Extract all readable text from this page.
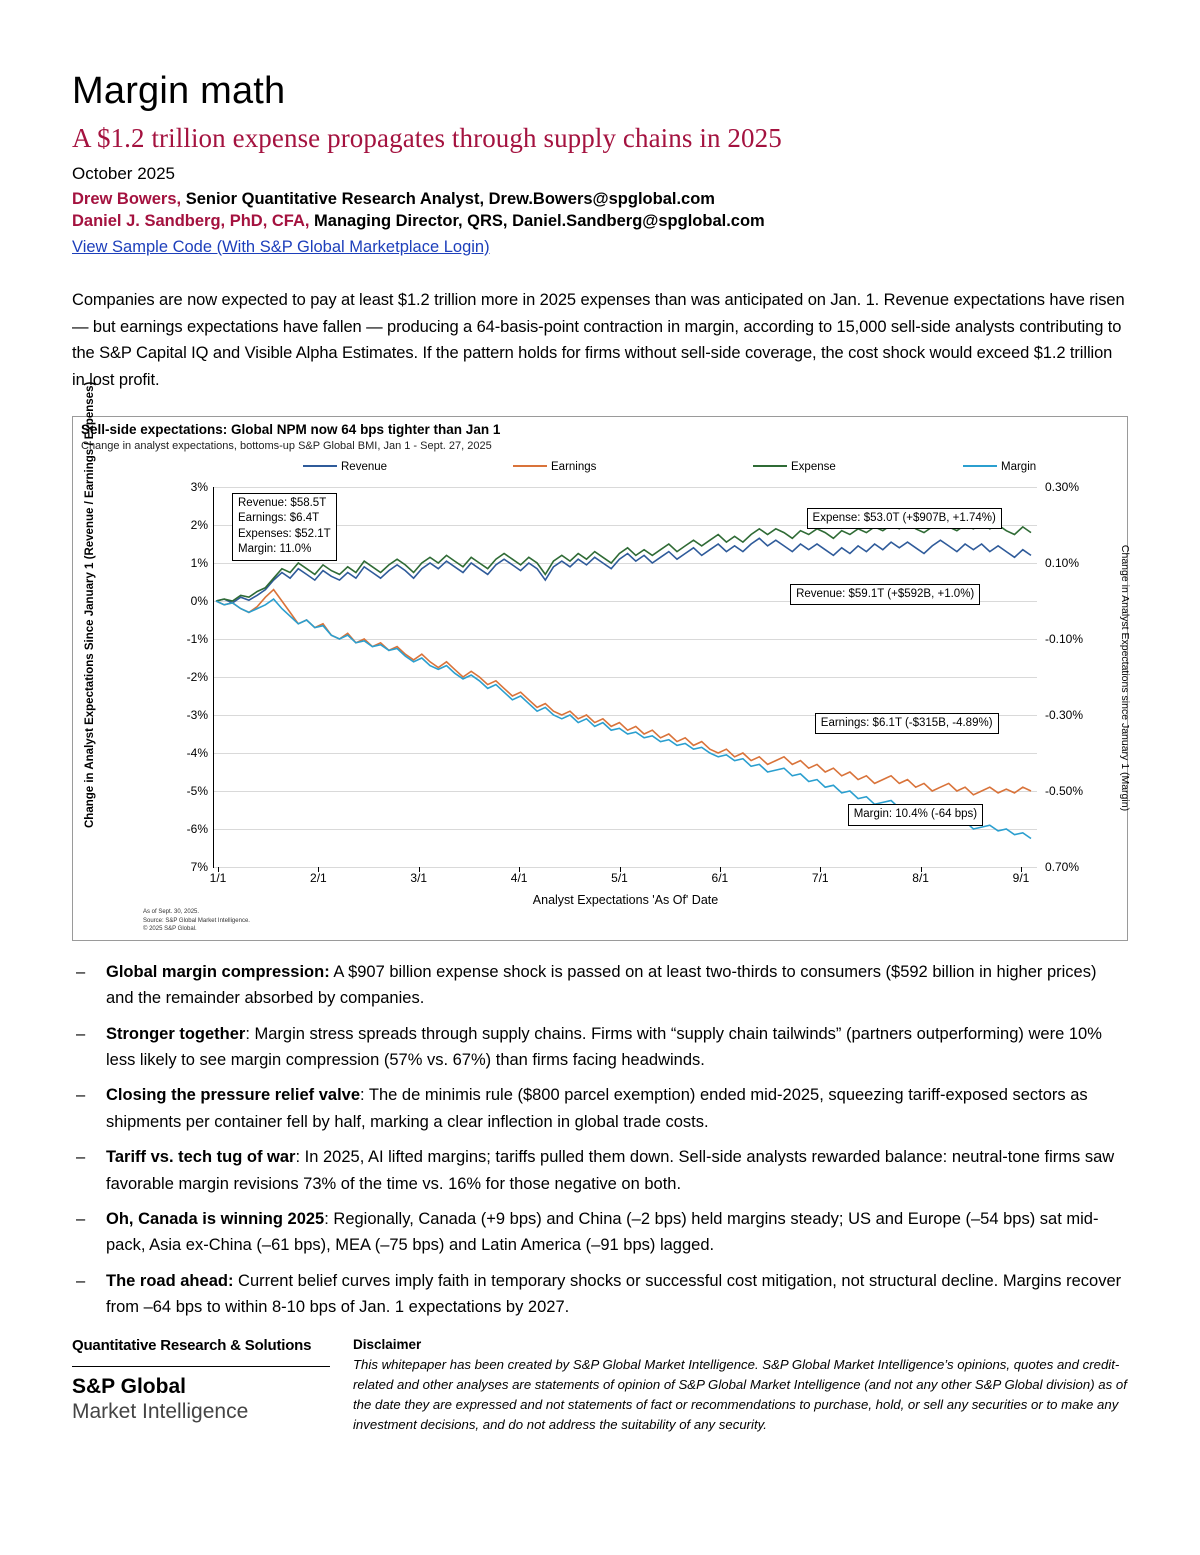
Margin math
A $1.2 trillion expense propagates through supply chains in 2025
October 2025
Drew Bowers, Senior Quantitative Research Analyst, Drew.Bowers@spglobal.com
Daniel J. Sandberg, PhD, CFA, Managing Director, QRS, Daniel.Sandberg@spglobal.com
View Sample Code (With S&P Global Marketplace Login)

Companies are now expected to pay at least $1.2 trillion more in 2025 expenses than was anticipated on Jan. 1. Revenue expectations have risen — but earnings expectations have fallen — producing a 64-basis-point contraction in margin, according to 15,000 sell-side analysts contributing to the S&P Capital IQ and Visible Alpha Estimates. If the pattern holds for firms without sell-side coverage, the cost shock would exceed $1.2 trillion in lost profit.

Sell-side expectations: Global NPM now 64 bps tighter than Jan 1
Change in analyst expectations, bottoms-up S&P Global BMI, Jan 1 - Sept. 27, 2025
Revenue	Earnings	Expense	Margin
Change in Analyst Expectations Since January 1 (Revenue / Earnings / Expenses)	Change in Analyst Expectations since January 1 (Margin)
Analyst Expectations 'As Of' Date
3%
2%
1%
0%
-1%
-2%
-3%
-4%
-5%
-6%
7%
0.30%
0.10%
-0.10%
-0.30%
-0.50%
0.70%
1/1	2/1	3/1	4/1	5/1	6/1	7/1	8/1	9/1
Revenue: $58.5T
Earnings: $6.4T
Expenses: $52.1T
Margin: 11.0%
Expense: $53.0T (+$907B, +1.74%)
Revenue: $59.1T (+$592B, +1.0%)
Earnings: $6.1T (-$315B, -4.89%)
Margin: 10.4% (-64 bps)
As of Sept. 30, 2025.
Source: S&P Global Market Intelligence.
© 2025 S&P Global.
–	Global margin compression: A $907 billion expense shock is passed on at least two-thirds to consumers ($592 billion in higher prices) and the remainder absorbed by companies.
–	Stronger together: Margin stress spreads through supply chains. Firms with “supply chain tailwinds” (partners outperforming) were 10% less likely to see margin compression (57% vs. 67%) than firms facing headwinds.
–	Closing the pressure relief valve: The de minimis rule ($800 parcel exemption) ended mid-2025, squeezing tariff-exposed sectors as shipments per container fell by half, marking a clear inflection in global trade costs.
–	Tariff vs. tech tug of war: In 2025, AI lifted margins; tariffs pulled them down. Sell-side analysts rewarded balance: neutral-tone firms saw favorable margin revisions 73% of the time vs. 16% for those negative on both.
–	Oh, Canada is winning 2025: Regionally, Canada (+9 bps) and China (–2 bps) held margins steady; US and Europe (–54 bps) sat mid-pack, Asia ex-China (–61 bps), MEA (–75 bps) and Latin America (–91 bps) lagged.
–	The road ahead: Current belief curves imply faith in temporary shocks or successful cost mitigation, not structural decline. Margins recover from –64 bps to within 8-10 bps of Jan. 1 expectations by 2027.
Quantitative Research & Solutions
S&P Global
Market Intelligence
Disclaimer
This whitepaper has been created by S&P Global Market Intelligence. S&P Global Market Intelligence’s opinions, quotes and credit-related and other analyses are statements of opinion of S&P Global Market Intelligence (and not any other S&P Global division) as of the date they are expressed and not statements of fact or recommendations to purchase, hold, or sell any securities or to make any investment decisions, and do not address the suitability of any security.
